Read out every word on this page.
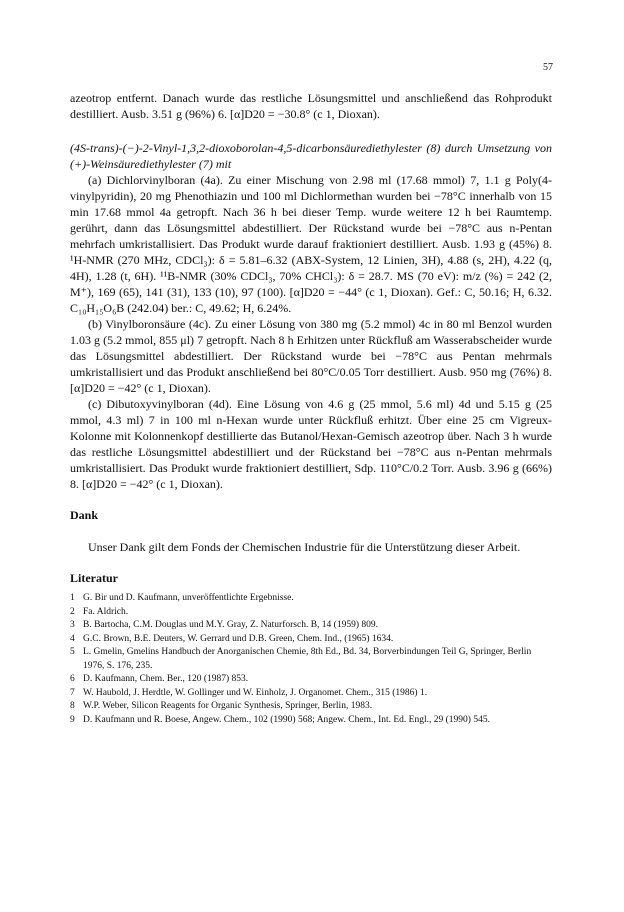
57

azeotrop entfernt. Danach wurde das restliche Lösungsmittel und anschließend das Rohprodukt destilliert. Ausb. 3.51 g (96%) 6. [α]D20 = −30.8° (c 1, Dioxan).

(4S-trans)-(−)-2-Vinyl-1,3,2-dioxoborolan-4,5-dicarbonsäurediethylester (8) durch Umsetzung von (+)-Weinsäurediethylester (7) mit

(a) Dichlorvinylboran (4a). Zu einer Mischung von 2.98 ml (17.68 mmol) 7, 1.1 g Poly(4-vinylpyridin), 20 mg Phenothiazin und 100 ml Dichlormethan wurden bei −78°C innerhalb von 15 min 17.68 mmol 4a getropft. Nach 36 h bei dieser Temp. wurde weitere 12 h bei Raumtemp. gerührt, dann das Lösungsmittel abdestilliert. Der Rückstand wurde bei −78°C aus n-Pentan mehrfach umkristallisiert. Das Produkt wurde darauf fraktioniert destilliert. Ausb. 1.93 g (45%) 8. ¹H-NMR (270 MHz, CDCl₃): δ = 5.81–6.32 (ABX-System, 12 Linien, 3H), 4.88 (s, 2H), 4.22 (q, 4H), 1.28 (t, 6H). ¹¹B-NMR (30% CDCl₃, 70% CHCl₃): δ = 28.7. MS (70 eV): m/z (%) = 242 (2, M⁺), 169 (65), 141 (31), 133 (10), 97 (100). [α]D20 = −44° (c 1, Dioxan). Gef.: C, 50.16; H, 6.32. C₁₀H₁₅O₆B (242.04) ber.: C, 49.62; H, 6.24%.

(b) Vinylboronsäure (4c). Zu einer Lösung von 380 mg (5.2 mmol) 4c in 80 ml Benzol wurden 1.03 g (5.2 mmol, 855 μl) 7 getropft. Nach 8 h Erhitzen unter Rückfluß am Wasserabscheider wurde das Lösungsmittel abdestilliert. Der Rückstand wurde bei −78°C aus Pentan mehrmals umkristallisiert und das Produkt anschließend bei 80°C/0.05 Torr destilliert. Ausb. 950 mg (76%) 8. [α]D20 = −42° (c 1, Dioxan).

(c) Dibutoxyvinylboran (4d). Eine Lösung von 4.6 g (25 mmol, 5.6 ml) 4d und 5.15 g (25 mmol, 4.3 ml) 7 in 100 ml n-Hexan wurde unter Rückfluß erhitzt. Über eine 25 cm Vigreux-Kolonne mit Kolonnenkopf destillierte das Butanol/Hexan-Gemisch azeotrop über. Nach 3 h wurde das restliche Lösungsmittel abdestilliert und der Rückstand bei −78°C aus n-Pentan mehrmals umkristallisiert. Das Produkt wurde fraktioniert destilliert, Sdp. 110°C/0.2 Torr. Ausb. 3.96 g (66%) 8. [α]D20 = −42° (c 1, Dioxan).

Dank

Unser Dank gilt dem Fonds der Chemischen Industrie für die Unterstützung dieser Arbeit.

Literatur
1 G. Bir und D. Kaufmann, unveröffentlichte Ergebnisse.
2 Fa. Aldrich.
3 B. Bartocha, C.M. Douglas und M.Y. Gray, Z. Naturforsch. B, 14 (1959) 809.
4 G.C. Brown, B.E. Deuters, W. Gerrard und D.B. Green, Chem. Ind., (1965) 1634.
5 L. Gmelin, Gmelins Handbuch der Anorganischen Chemie, 8th Ed., Bd. 34, Borverbindungen Teil G, Springer, Berlin 1976, S. 176, 235.
6 D. Kaufmann, Chem. Ber., 120 (1987) 853.
7 W. Haubold, J. Herdtle, W. Gollinger und W. Einholz, J. Organomet. Chem., 315 (1986) 1.
8 W.P. Weber, Silicon Reagents for Organic Synthesis, Springer, Berlin, 1983.
9 D. Kaufmann und R. Boese, Angew. Chem., 102 (1990) 568; Angew. Chem., Int. Ed. Engl., 29 (1990) 545.
